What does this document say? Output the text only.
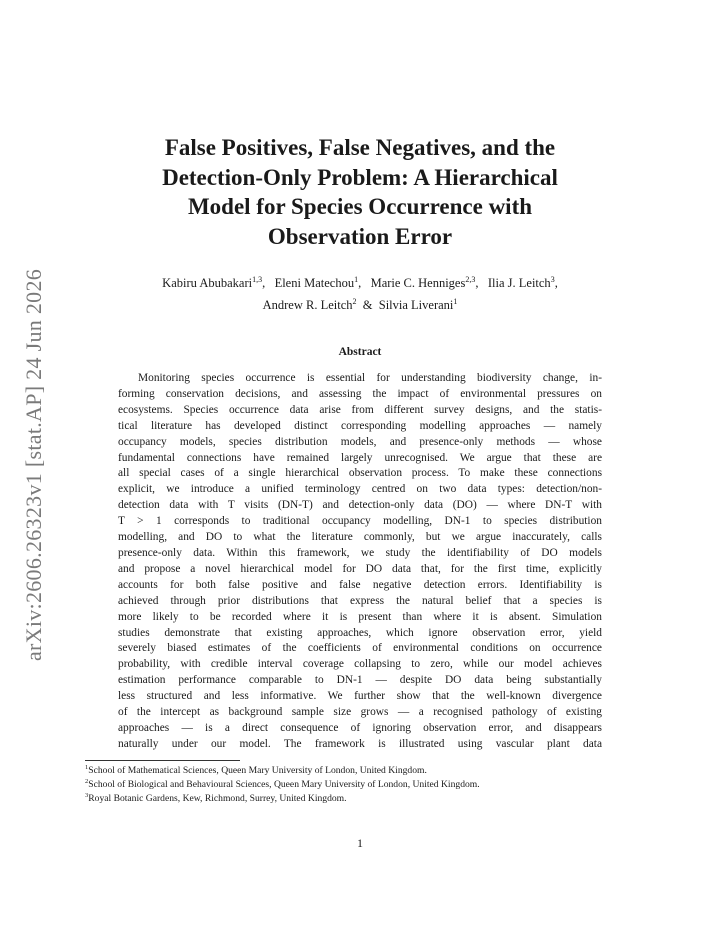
arXiv:2606.26323v1 [stat.AP] 24 Jun 2026
False Positives, False Negatives, and the
Detection-Only Problem: A Hierarchical
Model for Species Occurrence with
Observation Error
Kabiru Abubakari$^{1,3}$,   Eleni Matechou$^1$,   Marie C. Henniges$^{2,3}$,   Ilia J. Leitch$^3$,
Andrew R. Leitch$^2$ & Silvia Liverani$^1$
Abstract
Monitoring species occurrence is essential for understanding biodiversity change, in-
forming conservation decisions, and assessing the impact of environmental pressures on
ecosystems. Species occurrence data arise from different survey designs, and the statis-
tical literature has developed distinct corresponding modelling approaches — namely
occupancy models, species distribution models, and presence-only methods — whose
fundamental connections have remained largely unrecognised. We argue that these are
all special cases of a single hierarchical observation process. To make these connections
explicit, we introduce a unified terminology centred on two data types: detection/non-
detection data with T visits (DN-T) and detection-only data (DO) — where DN-T with
T > 1 corresponds to traditional occupancy modelling, DN-1 to species distribution
modelling, and DO to what the literature commonly, but we argue inaccurately, calls
presence-only data. Within this framework, we study the identifiability of DO models
and propose a novel hierarchical model for DO data that, for the first time, explicitly
accounts for both false positive and false negative detection errors. Identifiability is
achieved through prior distributions that express the natural belief that a species is
more likely to be recorded where it is present than where it is absent. Simulation
studies demonstrate that existing approaches, which ignore observation error, yield
severely biased estimates of the coefficients of environmental conditions on occurrence
probability, with credible interval coverage collapsing to zero, while our model achieves
estimation performance comparable to DN-1 — despite DO data being substantially
less structured and less informative. We further show that the well-known divergence
of the intercept as background sample size grows — a recognised pathology of existing
approaches — is a direct consequence of ignoring observation error, and disappears
naturally under our model. The framework is illustrated using vascular plant data
$^1$School of Mathematical Sciences, Queen Mary University of London, United Kingdom.
$^2$School of Biological and Behavioural Sciences, Queen Mary University of London, United Kingdom.
$^3$Royal Botanic Gardens, Kew, Richmond, Surrey, United Kingdom.
1
